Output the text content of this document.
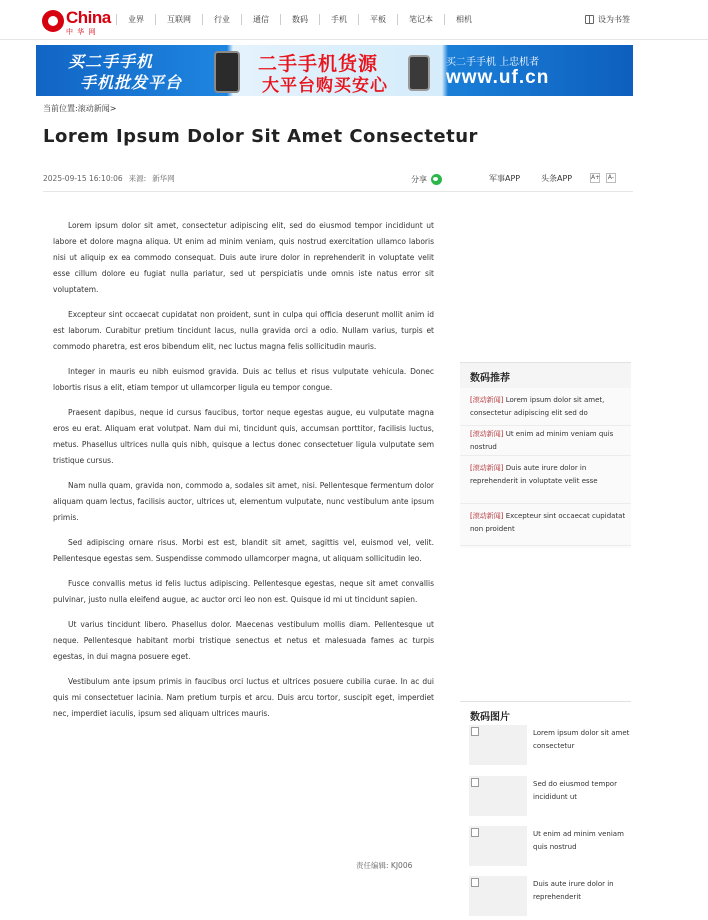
China
中 华 网
业界	互联网	行业	通信	数码	手机	平板	笔记本	相机	设为书签
买二手手机
手机批发平台
二手手机货源
大平台购买安心
买二手手机 上忠机者
www.uf.cn
当前位置:滚动新闻>
Lorem Ipsum Dolor Sit Amet Consectetur
2025-09-15 16:10:06 来源: 新华网	分享	军事APP	头条APP	A+	A-

Lorem ipsum dolor sit amet, consectetur adipiscing elit, sed do eiusmod tempor incididunt ut labore et dolore magna aliqua. Ut enim ad minim veniam, quis nostrud exercitation ullamco laboris nisi ut aliquip ex ea commodo consequat. Duis aute irure dolor in reprehenderit in voluptate velit esse cillum dolore eu fugiat nulla pariatur, sed ut perspiciatis unde omnis iste natus error sit voluptatem.

Excepteur sint occaecat cupidatat non proident, sunt in culpa qui officia deserunt mollit anim id est laborum. Curabitur pretium tincidunt lacus, nulla gravida orci a odio. Nullam varius, turpis et commodo pharetra, est eros bibendum elit, nec luctus magna felis sollicitudin mauris.

Integer in mauris eu nibh euismod gravida. Duis ac tellus et risus vulputate vehicula. Donec lobortis risus a elit, etiam tempor ut ullamcorper ligula eu tempor congue.

Praesent dapibus, neque id cursus faucibus, tortor neque egestas augue, eu vulputate magna eros eu erat. Aliquam erat volutpat. Nam dui mi, tincidunt quis, accumsan porttitor, facilisis luctus, metus. Phasellus ultrices nulla quis nibh, quisque a lectus donec consectetuer ligula vulputate sem tristique cursus.

Nam nulla quam, gravida non, commodo a, sodales sit amet, nisi. Pellentesque fermentum dolor aliquam quam lectus, facilisis auctor, ultrices ut, elementum vulputate, nunc vestibulum ante ipsum primis.

Sed adipiscing ornare risus. Morbi est est, blandit sit amet, sagittis vel, euismod vel, velit. Pellentesque egestas sem. Suspendisse commodo ullamcorper magna, ut aliquam sollicitudin leo.

Fusce convallis metus id felis luctus adipiscing. Pellentesque egestas, neque sit amet convallis pulvinar, justo nulla eleifend augue, ac auctor orci leo non est. Quisque id mi ut tincidunt sapien.

Ut varius tincidunt libero. Phasellus dolor. Maecenas vestibulum mollis diam. Pellentesque ut neque. Pellentesque habitant morbi tristique senectus et netus et malesuada fames ac turpis egestas, in dui magna posuere eget.

Vestibulum ante ipsum primis in faucibus orci luctus et ultrices posuere cubilia curae. In ac dui quis mi consectetuer lacinia. Nam pretium turpis et arcu. Duis arcu tortor, suscipit eget, imperdiet nec, imperdiet iaculis, ipsum sed aliquam ultrices mauris.

责任编辑: KJ006
数码推荐
[滚动新闻] Lorem ipsum dolor sit amet, consectetur adipiscing elit sed do
[滚动新闻] Ut enim ad minim veniam quis nostrud
[滚动新闻] Duis aute irure dolor in reprehenderit in voluptate velit esse
[滚动新闻] Excepteur sint occaecat cupidatat non proident
数码图片
Lorem ipsum dolor sit amet consectetur
Sed do eiusmod tempor incididunt ut
Ut enim ad minim veniam quis nostrud
Duis aute irure dolor in reprehenderit
